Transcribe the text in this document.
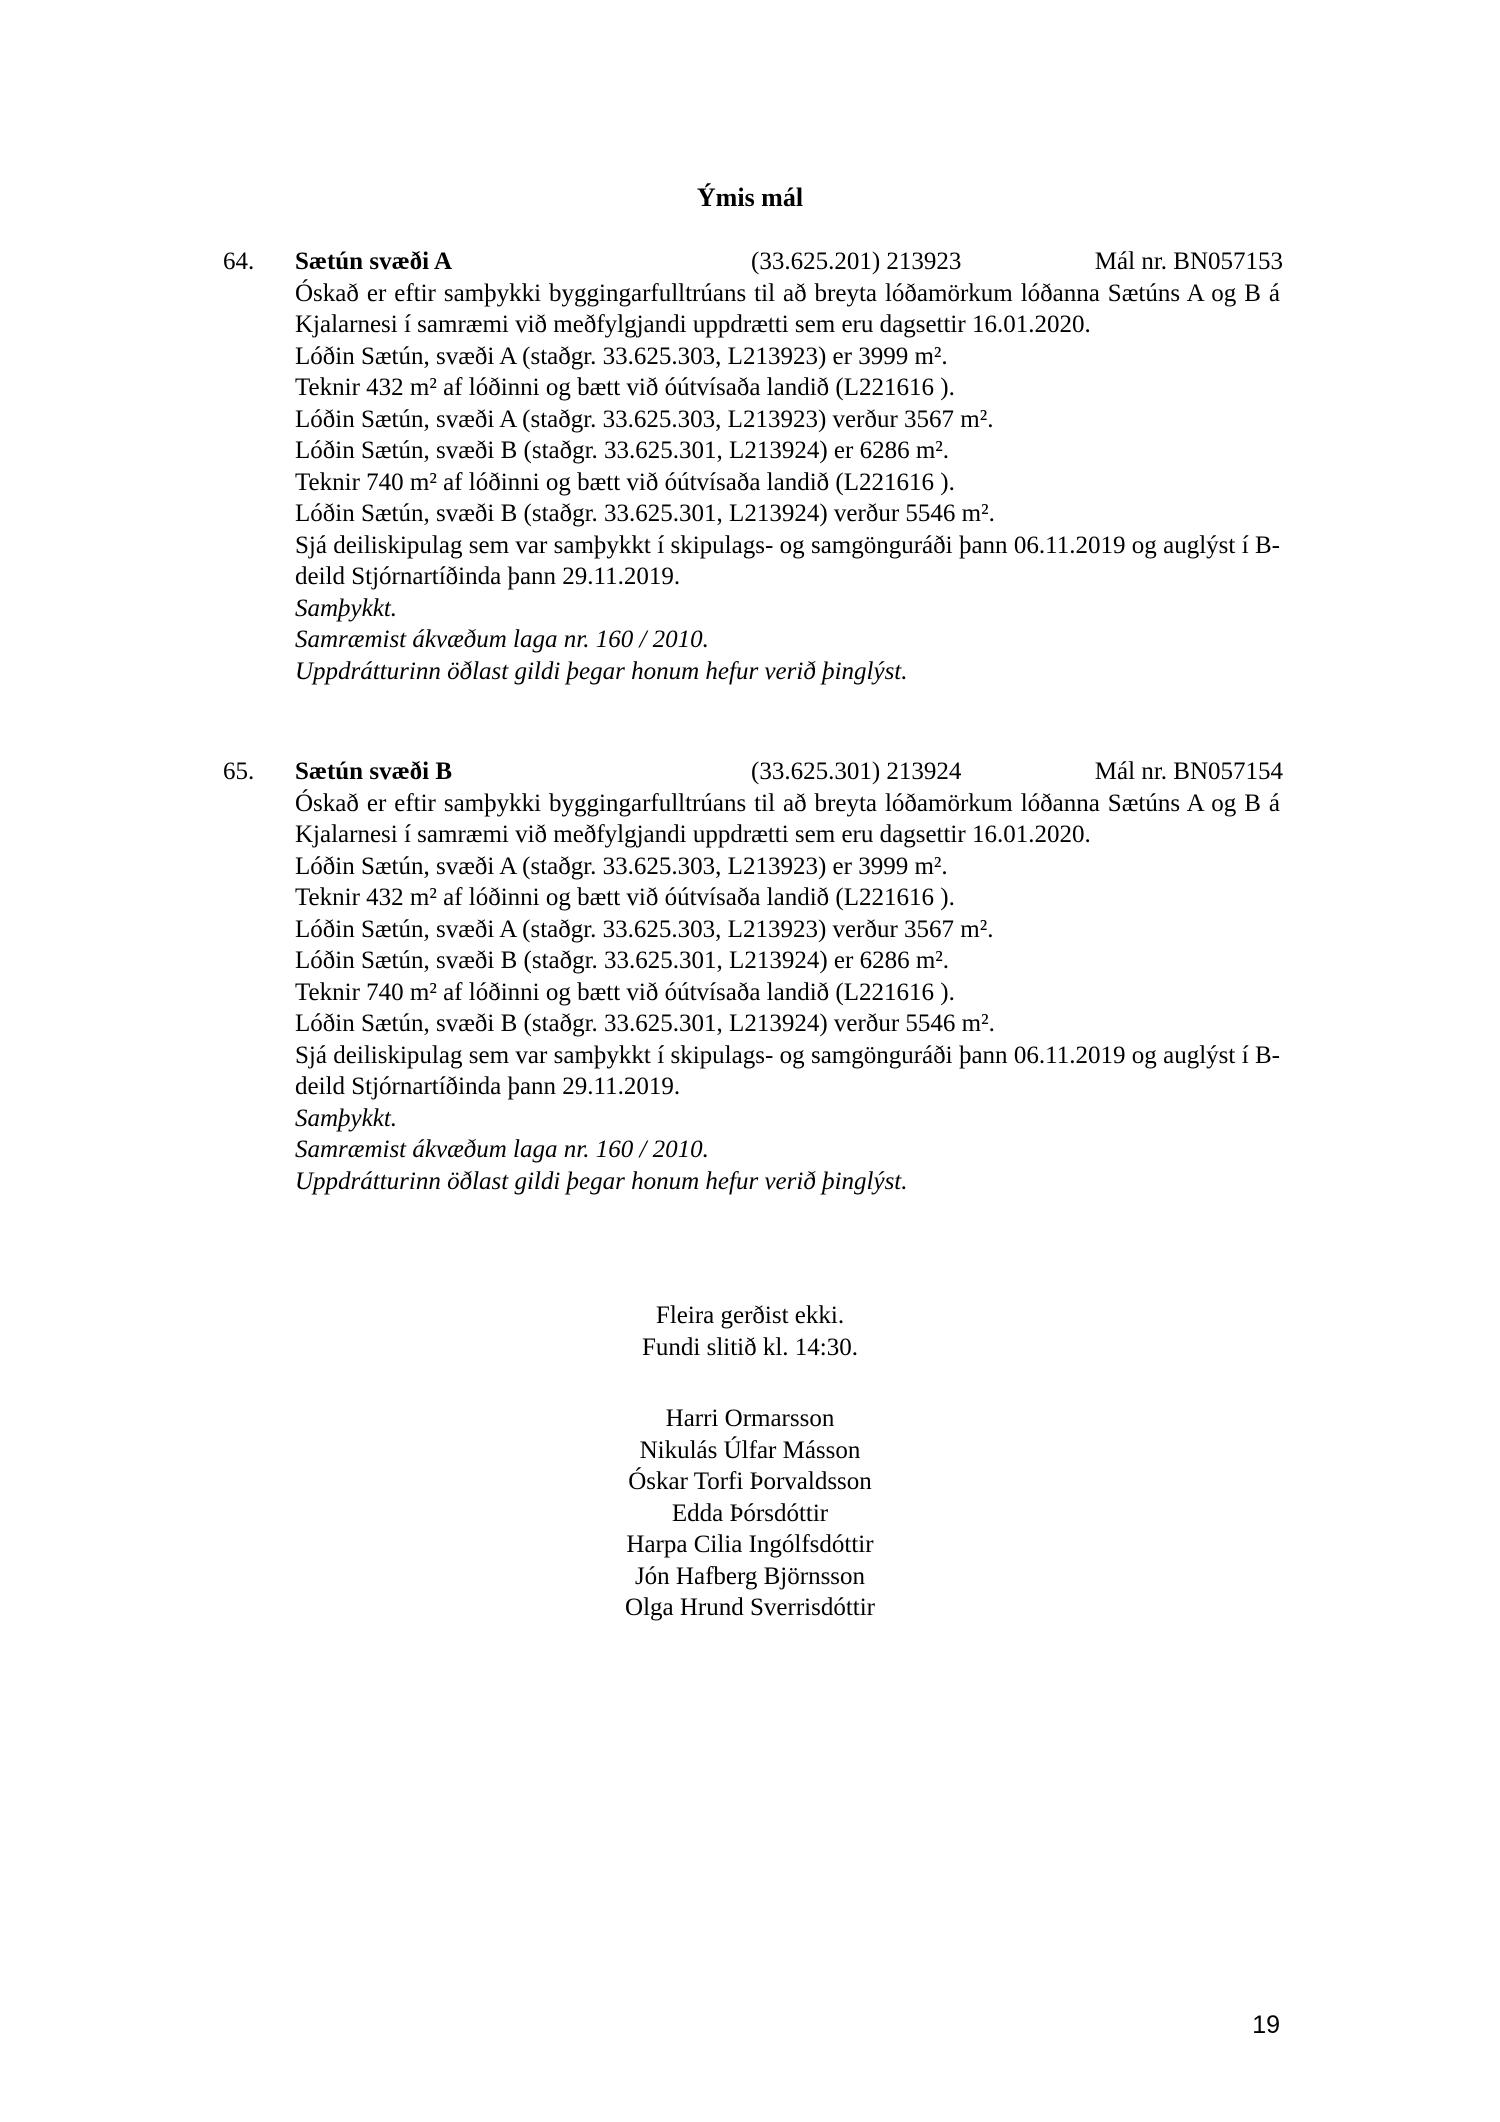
Ýmis mál
64. Sætún svæði A	(33.625.201) 213923	Mál nr. BN057153
Óskað er eftir samþykki byggingarfulltrúans til að breyta lóðamörkum lóðanna Sætúns A og B á Kjalarnesi í samræmi við meðfylgjandi uppdrætti sem eru dagsettir 16.01.2020.
Lóðin Sætún, svæði A (staðgr. 33.625.303, L213923) er 3999 m².
Teknir 432 m² af lóðinni og bætt við óútvísaða landið (L221616 ).
Lóðin Sætún, svæði A (staðgr. 33.625.303, L213923) verður 3567 m².
Lóðin Sætún, svæði B (staðgr. 33.625.301, L213924) er 6286 m².
Teknir 740 m² af lóðinni og bætt við óútvísaða landið (L221616 ).
Lóðin Sætún, svæði B (staðgr. 33.625.301, L213924) verður 5546 m².
Sjá deiliskipulag sem var samþykkt í skipulags- og samgönguráði þann 06.11.2019 og auglýst í B-deild Stjórnartíðinda þann 29.11.2019.
Samþykkt.
Samræmist ákvæðum laga nr. 160 / 2010.
Uppdrátturinn öðlast gildi þegar honum hefur verið þinglýst.
65. Sætún svæði B	(33.625.301) 213924	Mál nr. BN057154
Óskað er eftir samþykki byggingarfulltrúans til að breyta lóðamörkum lóðanna Sætúns A og B á Kjalarnesi í samræmi við meðfylgjandi uppdrætti sem eru dagsettir 16.01.2020.
Lóðin Sætún, svæði A (staðgr. 33.625.303, L213923) er 3999 m².
Teknir 432 m² af lóðinni og bætt við óútvísaða landið (L221616 ).
Lóðin Sætún, svæði A (staðgr. 33.625.303, L213923) verður 3567 m².
Lóðin Sætún, svæði B (staðgr. 33.625.301, L213924) er 6286 m².
Teknir 740 m² af lóðinni og bætt við óútvísaða landið (L221616 ).
Lóðin Sætún, svæði B (staðgr. 33.625.301, L213924) verður 5546 m².
Sjá deiliskipulag sem var samþykkt í skipulags- og samgönguráði þann 06.11.2019 og auglýst í B-deild Stjórnartíðinda þann 29.11.2019.
Samþykkt.
Samræmist ákvæðum laga nr. 160 / 2010.
Uppdrátturinn öðlast gildi þegar honum hefur verið þinglýst.
Fleira gerðist ekki.
Fundi slitið kl. 14:30.
Harri Ormarsson
Nikulás Úlfar Másson
Óskar Torfi Þorvaldsson
Edda Þórsdóttir
Harpa Cilia Ingólfsdóttir
Jón Hafberg Björnsson
Olga Hrund Sverrisdóttir
19
